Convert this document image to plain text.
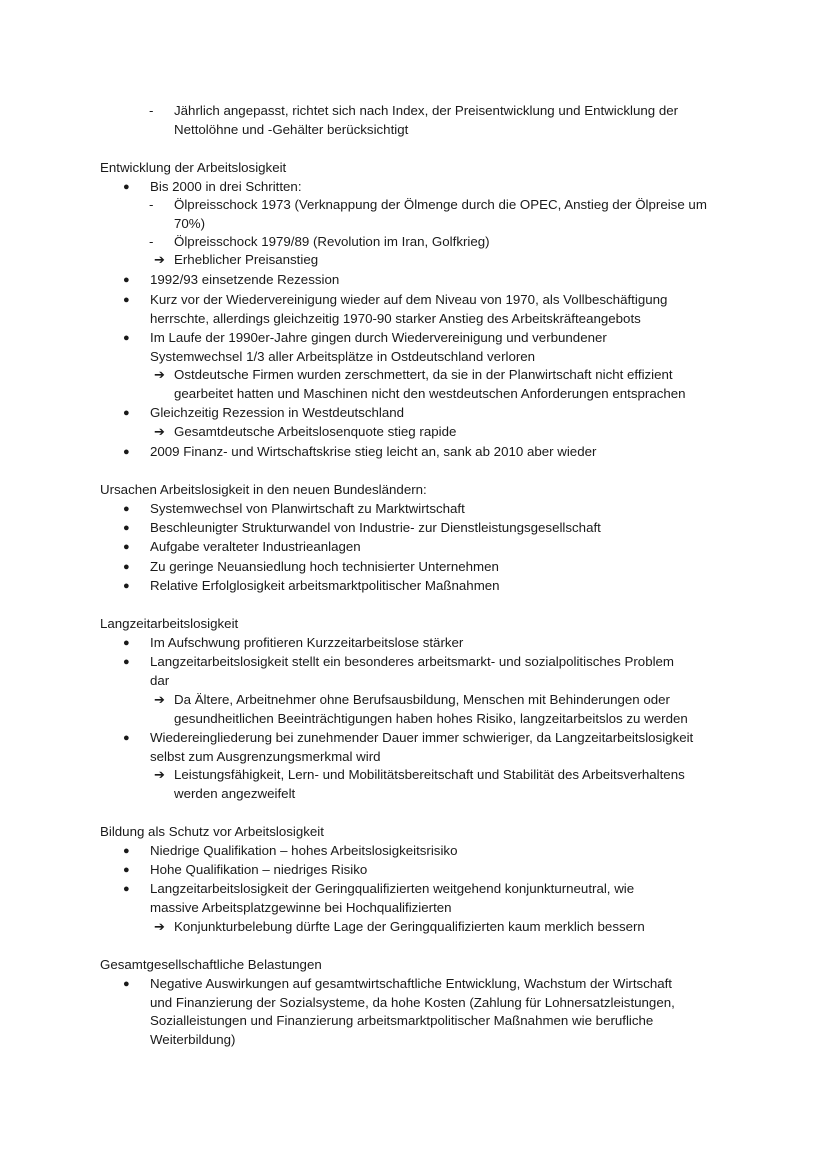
- Jährlich angepasst, richtet sich nach Index, der Preisentwicklung und Entwicklung der
Nettolöhne und -Gehälter berücksichtigt
Entwicklung der Arbeitslosigkeit
● Bis 2000 in drei Schritten:
- Ölpreisschock 1973 (Verknappung der Ölmenge durch die OPEC, Anstieg der Ölpreise um
70%)
- Ölpreisschock 1979/89 (Revolution im Iran, Golfkrieg)
➔ Erheblicher Preisanstieg
● 1992/93 einsetzende Rezession
● Kurz vor der Wiedervereinigung wieder auf dem Niveau von 1970, als Vollbeschäftigung
herrschte, allerdings gleichzeitig 1970-90 starker Anstieg des Arbeitskräfteangebots
● Im Laufe der 1990er-Jahre gingen durch Wiedervereinigung und verbundener
Systemwechsel 1/3 aller Arbeitsplätze in Ostdeutschland verloren
➔ Ostdeutsche Firmen wurden zerschmettert, da sie in der Planwirtschaft nicht effizient
gearbeitet hatten und Maschinen nicht den westdeutschen Anforderungen entsprachen
● Gleichzeitig Rezession in Westdeutschland
➔ Gesamtdeutsche Arbeitslosenquote stieg rapide
● 2009 Finanz- und Wirtschaftskrise stieg leicht an, sank ab 2010 aber wieder
Ursachen Arbeitslosigkeit in den neuen Bundesländern:
● Systemwechsel von Planwirtschaft zu Marktwirtschaft
● Beschleunigter Strukturwandel von Industrie- zur Dienstleistungsgesellschaft
● Aufgabe veralteter Industrieanlagen
● Zu geringe Neuansiedlung hoch technisierter Unternehmen
● Relative Erfolglosigkeit arbeitsmarktpolitischer Maßnahmen
Langzeitarbeitslosigkeit
● Im Aufschwung profitieren Kurzzeitarbeitslose stärker
● Langzeitarbeitslosigkeit stellt ein besonderes arbeitsmarkt- und sozialpolitisches Problem
dar
➔ Da Ältere, Arbeitnehmer ohne Berufsausbildung, Menschen mit Behinderungen oder
gesundheitlichen Beeinträchtigungen haben hohes Risiko, langzeitarbeitslos zu werden
● Wiedereingliederung bei zunehmender Dauer immer schwieriger, da Langzeitarbeitslosigkeit
selbst zum Ausgrenzungsmerkmal wird
➔ Leistungsfähigkeit, Lern- und Mobilitätsbereitschaft und Stabilität des Arbeitsverhaltens
werden angezweifelt
Bildung als Schutz vor Arbeitslosigkeit
● Niedrige Qualifikation – hohes Arbeitslosigkeitsrisiko
● Hohe Qualifikation – niedriges Risiko
● Langzeitarbeitslosigkeit der Geringqualifizierten weitgehend konjunkturneutral, wie
massive Arbeitsplatzgewinne bei Hochqualifizierten
➔ Konjunkturbelebung dürfte Lage der Geringqualifizierten kaum merklich bessern
Gesamtgesellschaftliche Belastungen
● Negative Auswirkungen auf gesamtwirtschaftliche Entwicklung, Wachstum der Wirtschaft
und Finanzierung der Sozialsysteme, da hohe Kosten (Zahlung für Lohnersatzleistungen,
Sozialleistungen und Finanzierung arbeitsmarktpolitischer Maßnahmen wie berufliche
Weiterbildung)
